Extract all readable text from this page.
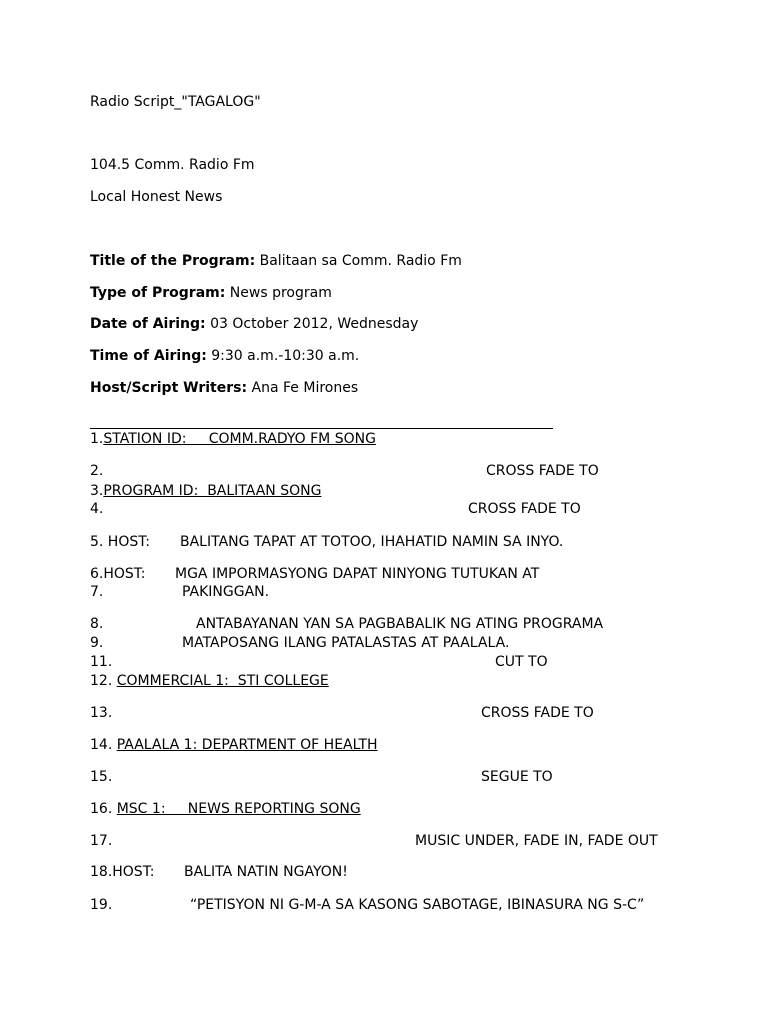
Radio Script_"TAGALOG"
104.5 Comm. Radio Fm
Local Honest News
Title of the Program: Balitaan sa Comm. Radio Fm
Type of Program: News program
Date of Airing: 03 October 2012, Wednesday
Time of Airing: 9:30 a.m.-10:30 a.m.
Host/Script Writers: Ana Fe Mirones
1.STATION ID:     COMM.RADYO FM SONG
2.	CROSS FADE TO
3.PROGRAM ID:  BALITAAN SONG
4.	CROSS FADE TO
5. HOST: BALITANG TAPAT AT TOTOO, IHAHATID NAMIN SA INYO.
6.HOST: MGA IMPORMASYONG DAPAT NINYONG TUTUKAN AT
7.	PAKINGGAN.
8.	ANTABAYANAN YAN SA PAGBABALIK NG ATING PROGRAMA
9.	MATAPOSANG ILANG PATALASTAS AT PAALALA.
11.	CUT TO
12. COMMERCIAL 1:  STI COLLEGE
13.	CROSS FADE TO
14. PAALALA 1: DEPARTMENT OF HEALTH
15.	SEGUE TO
16. MSC 1:     NEWS REPORTING SONG
17.	MUSIC UNDER, FADE IN, FADE OUT
18.HOST: BALITA NATIN NGAYON!
19.	“PETISYON NI G-M-A SA KASONG SABOTAGE, IBINASURA NG S-C”
